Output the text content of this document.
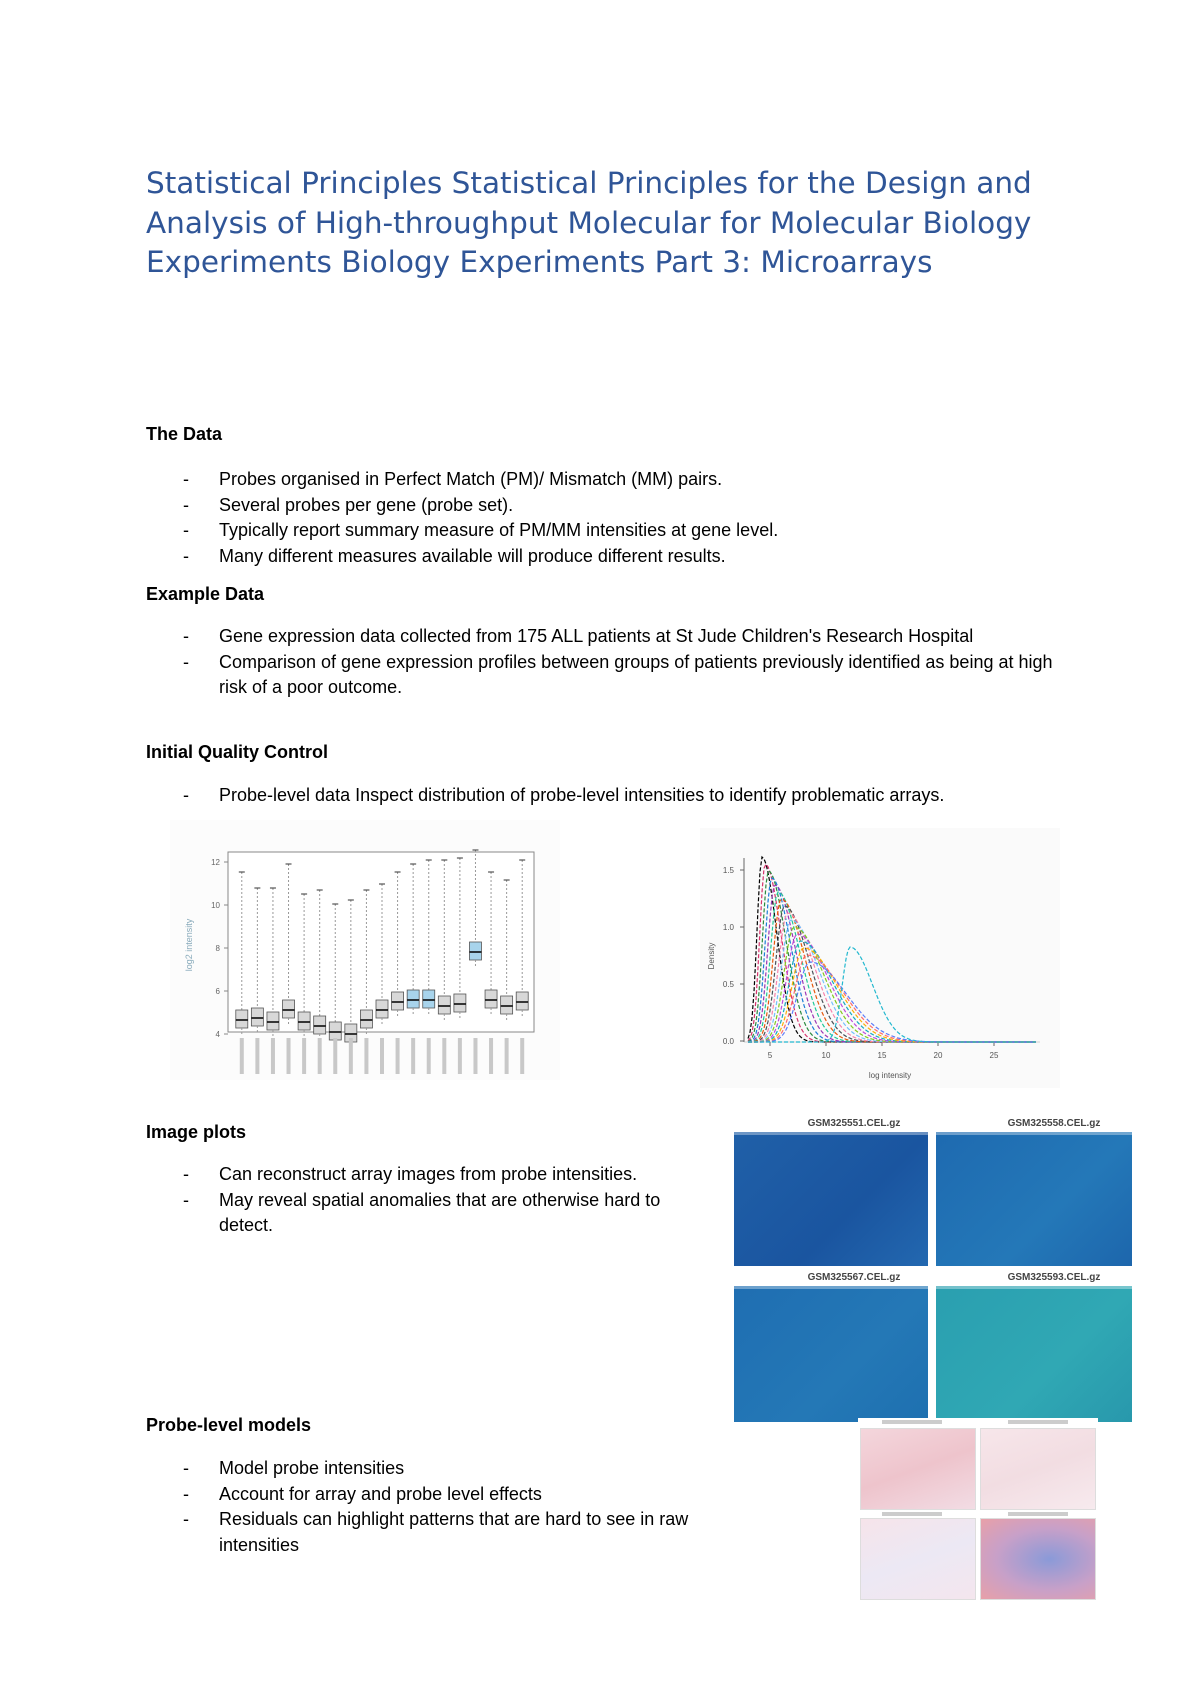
Statistical Principles Statistical Principles for the Design and Analysis of High-throughput Molecular for Molecular Biology Experiments Biology Experiments Part 3: Microarrays
The Data
- Probes organised in Perfect Match (PM)/ Mismatch (MM) pairs.
- Several probes per gene (probe set).
- Typically report summary measure of PM/MM intensities at gene level.
- Many different measures available will produce different results.
Example Data
- Gene expression data collected from 175 ALL patients at St Jude Children's Research Hospital
- Comparison of gene expression profiles between groups of patients previously identified as being at high risk of a poor outcome.
Initial Quality Control
- Probe-level data Inspect distribution of probe-level intensities to identify problematic arrays.
log2 intensity
12
10
8
6
4
Density
log intensity
1.5
1.0
0.5
0.0
5	10	15	20	25
Image plots
- Can reconstruct array images from probe intensities.
- May reveal spatial anomalies that are otherwise hard to detect.
GSM325551.CEL.gz	GSM325558.CEL.gz
GSM325567.CEL.gz	GSM325593.CEL.gz
Probe-level models
- Model probe intensities
- Account for array and probe level effects
- Residuals can highlight patterns that are hard to see in raw intensities
